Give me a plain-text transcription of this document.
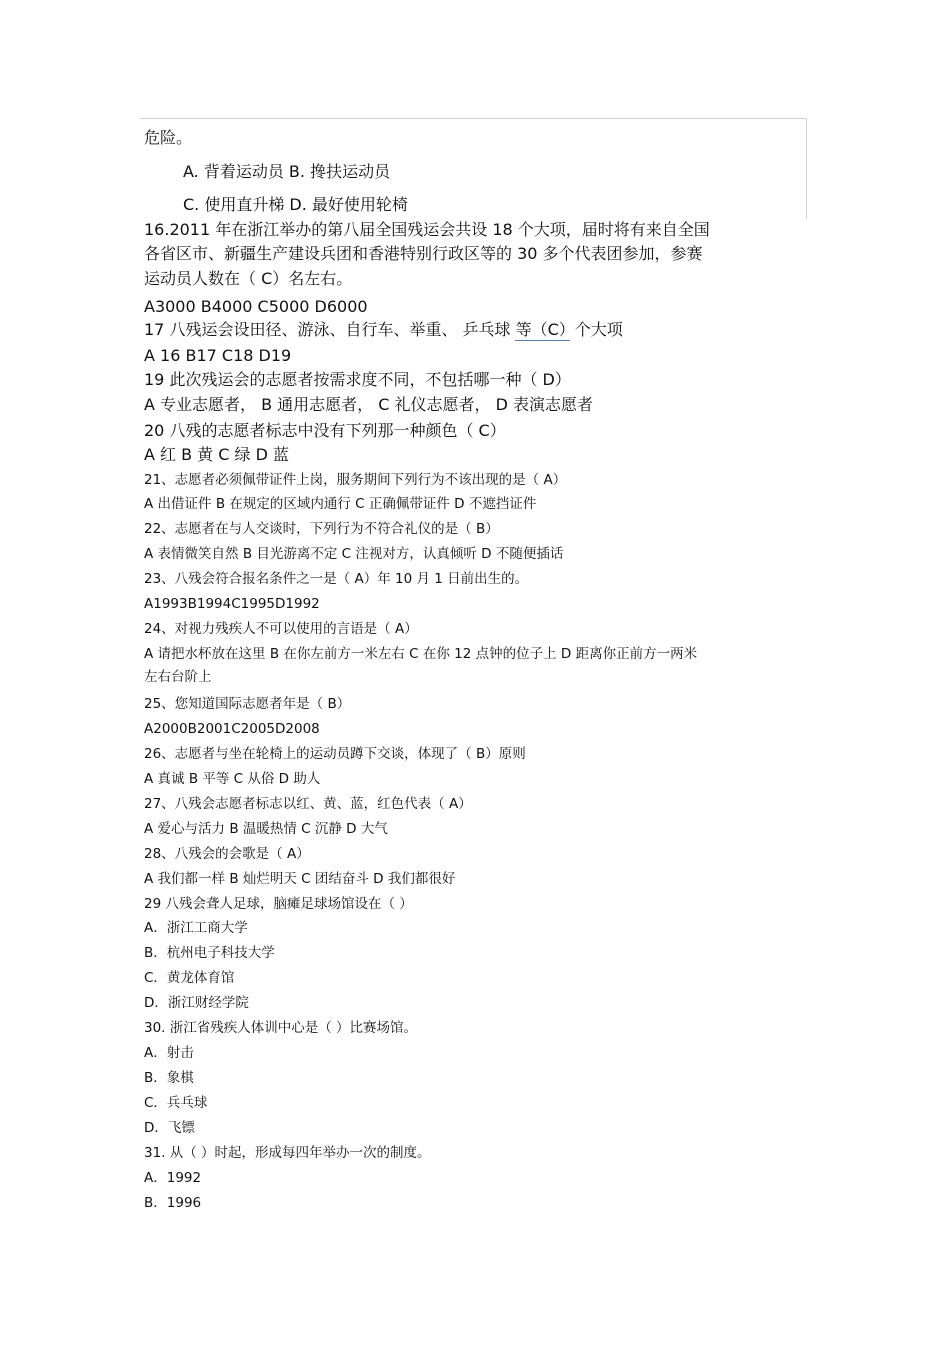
危险。
A. 背着运动员 B. 搀扶运动员
C. 使用直升梯 D. 最好使用轮椅
16.2011 年在浙江举办的第八届全国残运会共设 18 个大项，届时将有来自全国
各省区市、新疆生产建设兵团和香港特别行政区等的 30 多个代表团参加，参赛
运动员人数在（ C）名左右。
A3000 B4000 C5000 D6000
17 八残运会设田径、游泳、自行车、举重、 乒乓球 等（C）个大项
A 16 B17 C18 D19
19 此次残运会的志愿者按需求度不同，不包括哪一种（ D）
A 专业志愿者， B 通用志愿者， C 礼仪志愿者， D 表演志愿者
20 八残的志愿者标志中没有下列那一种颜色（ C）
A 红 B 黄 C 绿 D 蓝
21、志愿者必须佩带证件上岗，服务期间下列行为不该出现的是（ A）
A 出借证件 B 在规定的区域内通行 C 正确佩带证件 D 不遮挡证件
22、志愿者在与人交谈时，下列行为不符合礼仪的是（ B）
A 表情微笑自然 B 目光游离不定 C 注视对方，认真倾听 D 不随便插话
23、八残会符合报名条件之一是（ A）年 10 月 1 日前出生的。
A1993B1994C1995D1992
24、对视力残疾人不可以使用的言语是（ A）
A 请把水杯放在这里 B 在你左前方一米左右 C 在你 12 点钟的位子上 D 距离你正前方一两米
左右台阶上
25、您知道国际志愿者年是（ B）
A2000B2001C2005D2008
26、志愿者与坐在轮椅上的运动员蹲下交谈，体现了（ B）原则
A 真诚 B 平等 C 从俗 D 助人
27、八残会志愿者标志以红、黄、蓝，红色代表（ A）
A 爱心与活力 B 温暖热情 C 沉静 D 大气
28、八残会的会歌是（ A）
A 我们都一样 B 灿烂明天 C 团结奋斗 D 我们都很好
29 八残会聋人足球，脑瘫足球场馆设在（ ）
A．浙江工商大学
B．杭州电子科技大学
C．黄龙体育馆
D．浙江财经学院
30. 浙江省残疾人体训中心是（ ）比赛场馆。
A．射击
B．象棋
C．兵乓球
D．飞镖
31. 从（ ）时起，形成每四年举办一次的制度。
A．1992
B．1996
